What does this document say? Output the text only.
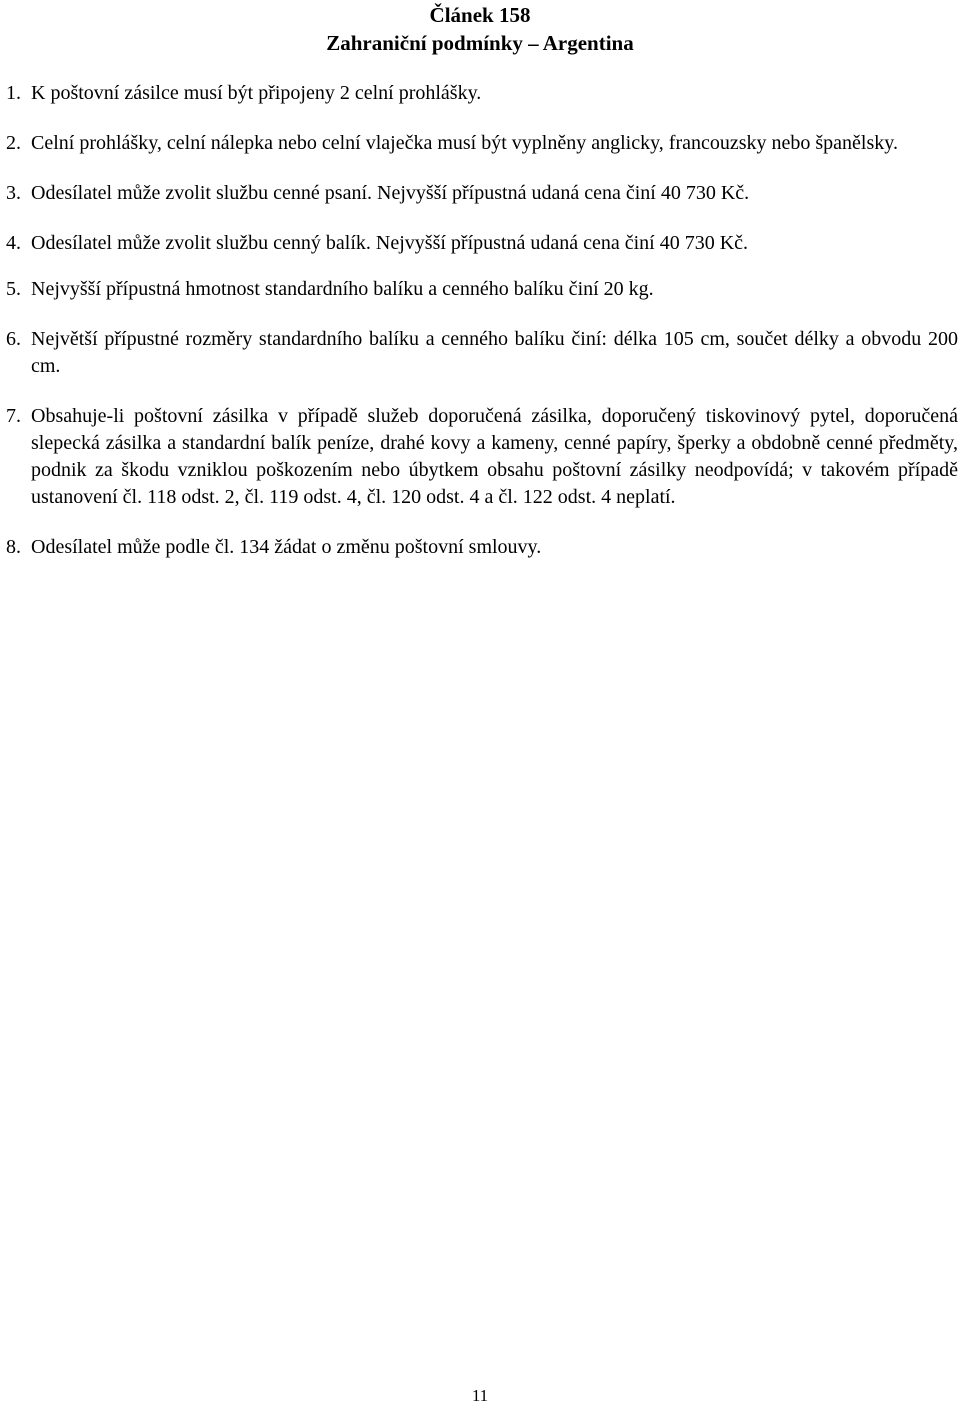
Článek 158
Zahraniční podmínky – Argentina
1. K poštovní zásilce musí být připojeny 2 celní prohlášky.
2. Celní prohlášky, celní nálepka nebo celní vlaječka musí být vyplněny anglicky, francouzsky nebo španělsky.
3. Odesílatel může zvolit službu cenné psaní. Nejvyšší přípustná udaná cena činí 40 730 Kč.
4. Odesílatel může zvolit službu cenný balík. Nejvyšší přípustná udaná cena činí 40 730 Kč.
5. Nejvyšší přípustná hmotnost standardního balíku a cenného balíku činí 20 kg.
6. Největší přípustné rozměry standardního balíku a cenného balíku činí: délka 105 cm, součet délky a obvodu 200 cm.
7. Obsahuje-li poštovní zásilka v případě služeb doporučená zásilka, doporučený tiskovinový pytel, doporučená slepecká zásilka a standardní balík peníze, drahé kovy a kameny, cenné papíry, šperky a obdobně cenné předměty, podnik za škodu vzniklou poškozením nebo úbytkem obsahu poštovní zásilky neodpovídá; v takovém případě ustanovení čl. 118 odst. 2, čl. 119 odst. 4, čl. 120 odst. 4 a čl. 122 odst. 4 neplatí.
8. Odesílatel může podle čl. 134 žádat o změnu poštovní smlouvy.
11
